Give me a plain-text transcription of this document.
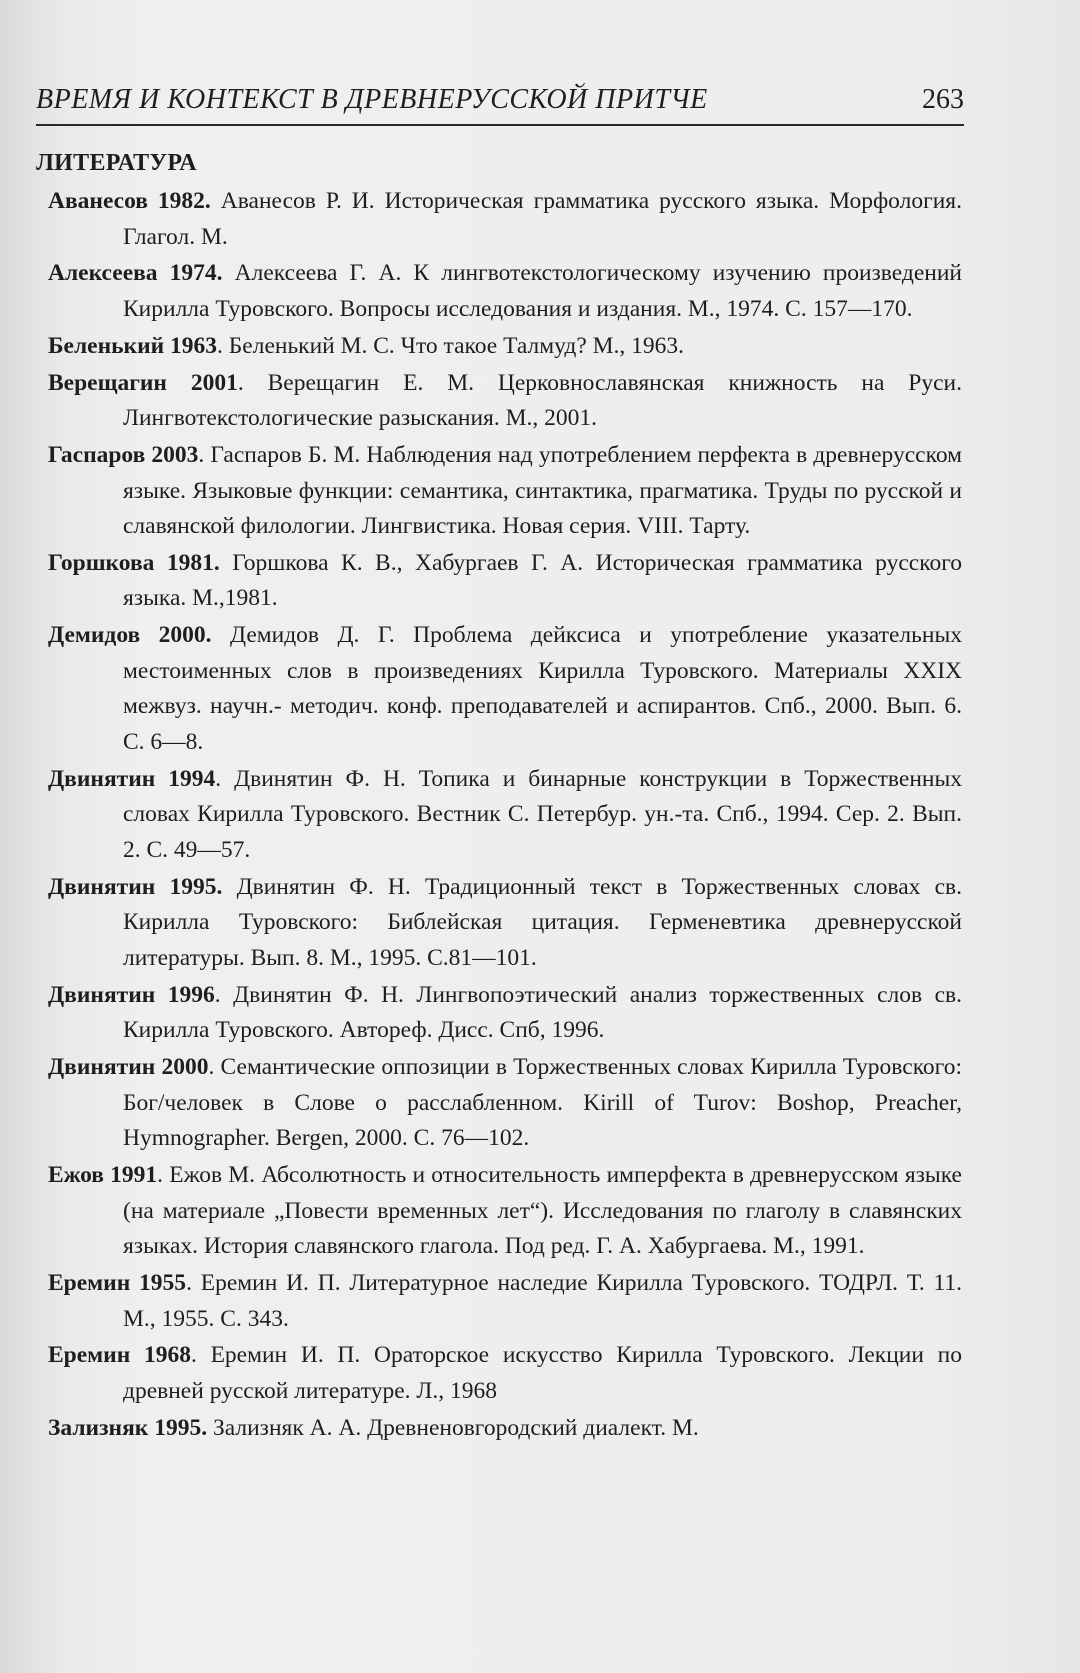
ВРЕМЯ И КОНТЕКСТ В ДРЕВНЕРУССКОЙ ПРИТЧЕ	263
ЛИТЕРАТУРА

Аванесов 1982. Аванесов Р. И. Историческая грамматика русского языка. Морфология. Глагол. М.

Алексеева 1974. Алексеева Г. А. К лингвотекстологическому изучению произведений Кирилла Туровского. Вопросы исследования и издания. М., 1974. С. 157—170.

Беленький 1963. Беленький М. С. Что такое Талмуд? М., 1963.

Верещагин 2001. Верещагин Е. М. Церковнославянская книжность на Руси. Лингвотекстологические разыскания. М., 2001.

Гаспаров 2003. Гаспаров Б. М. Наблюдения над употреблением перфекта в древнерусском языке. Языковые функции: семантика, синтактика, прагматика. Труды по русской и славянской филологии. Лингвистика. Новая серия. VIII. Тарту.

Горшкова 1981. Горшкова К. В., Хабургаев Г. А. Историческая грамматика русского языка. М.,1981.

Демидов 2000. Демидов Д. Г. Проблема дейксиса и употребление указательных местоименных слов в произведениях Кирилла Туровского. Материалы XXIX межвуз. научн.- методич. конф. преподавателей и аспирантов. Спб., 2000. Вып. 6. С. 6—8.

Двинятин 1994. Двинятин Ф. Н. Топика и бинарные конструкции в Торжественных словах Кирилла Туровского. Вестник С. Петербур. ун.-та. Спб., 1994. Сер. 2. Вып. 2. С. 49—57.

Двинятин 1995. Двинятин Ф. Н. Традиционный текст в Торжественных словах св. Кирилла Туровского: Библейская цитация. Герменевтика древнерусской литературы. Вып. 8. М., 1995. С.81—101.

Двинятин 1996. Двинятин Ф. Н. Лингвопоэтический анализ торжественных слов св. Кирилла Туровского. Автореф. Дисс. Спб, 1996.

Двинятин 2000. Семантические оппозиции в Торжественных словах Кирилла Туровского: Бог/человек в Слове о расслабленном. Kirill of Turov: Boshop, Preacher, Hymnographer. Bergen, 2000. С. 76—102.

Ежов 1991. Ежов М. Абсолютность и относительность имперфекта в древнерусском языке (на материале „Повести временных лет“). Исследования по глаголу в славянских языках. История славянского глагола. Под ред. Г. А. Хабургаева. М., 1991.

Еремин 1955. Еремин И. П. Литературное наследие Кирилла Туровского. ТОДРЛ. Т. 11. М., 1955. С. 343.

Еремин 1968. Еремин И. П. Ораторское искусство Кирилла Туровского. Лекции по древней русской литературе. Л., 1968

Зализняк 1995. Зализняк А. А. Древненовгородский диалект. М.
